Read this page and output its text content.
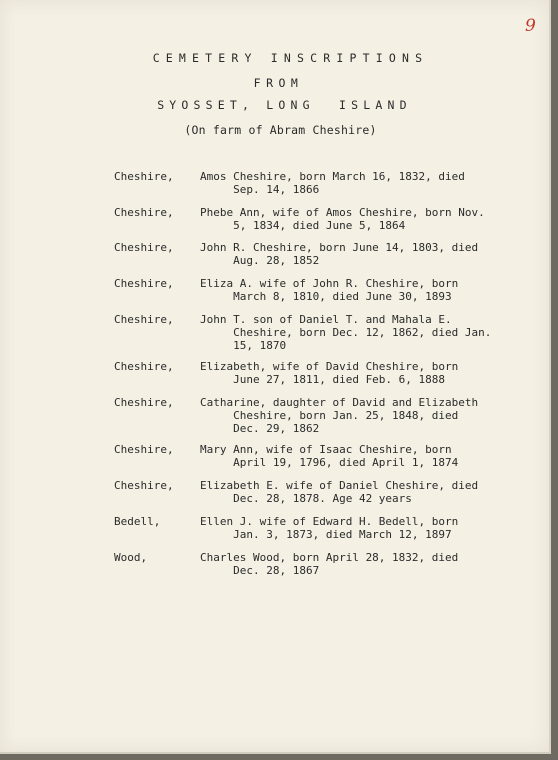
9
CEMETERY INSCRIPTIONS
FROM
SYOSSET, LONG  ISLAND
(On farm of Abram Cheshire)
Cheshire, Amos Cheshire, born March 16, 1832, died
Sep. 14, 1866
Cheshire, Phebe Ann, wife of Amos Cheshire, born Nov.
5, 1834, died June 5, 1864
Cheshire, John R. Cheshire, born June 14, 1803, died
Aug. 28, 1852
Cheshire, Eliza A. wife of John R. Cheshire, born
March 8, 1810, died June 30, 1893
Cheshire, John T. son of Daniel T. and Mahala E.
Cheshire, born Dec. 12, 1862, died Jan.
15, 1870
Cheshire, Elizabeth, wife of David Cheshire, born
June 27, 1811, died Feb. 6, 1888
Cheshire, Catharine, daughter of David and Elizabeth
Cheshire, born Jan. 25, 1848, died
Dec. 29, 1862
Cheshire, Mary Ann, wife of Isaac Cheshire, born
April 19, 1796, died April 1, 1874
Cheshire, Elizabeth E. wife of Daniel Cheshire, died
Dec. 28, 1878. Age 42 years
Bedell,	Ellen J. wife of Edward H. Bedell, born
Jan. 3, 1873, died March 12, 1897
Wood,	Charles Wood, born April 28, 1832, died
Dec. 28, 1867
